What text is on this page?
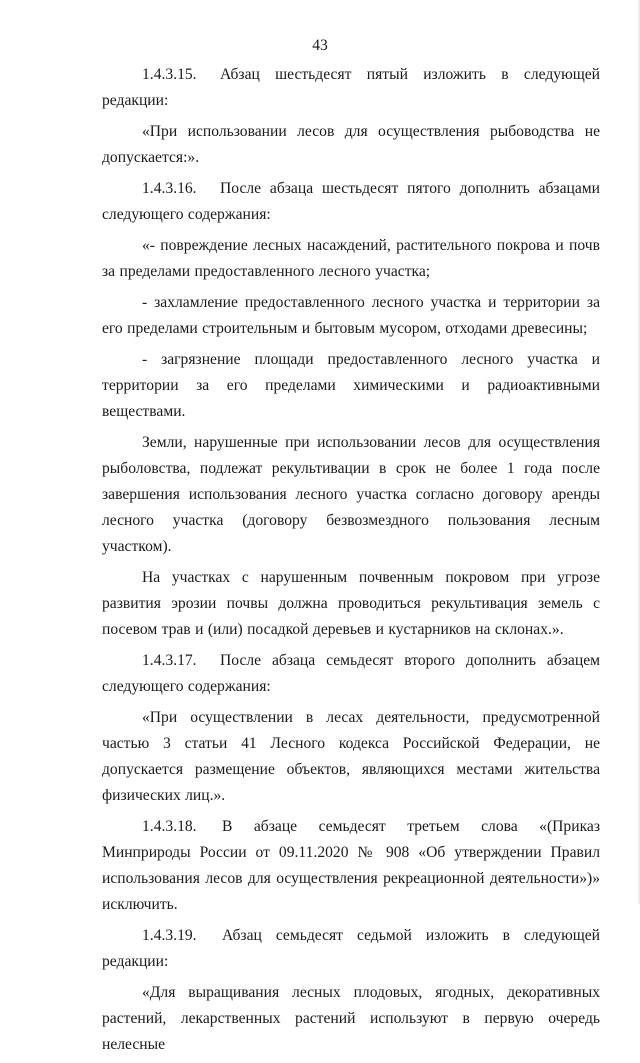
43

1.4.3.15. Абзац шестьдесят пятый изложить в следующей редакции:

«При использовании лесов для осуществления рыбоводства не допускается:».

1.4.3.16. После абзаца шестьдесят пятого дополнить абзацами следующего содержания:

«- повреждение лесных насаждений, растительного покрова и почв за пределами предоставленного лесного участка;

- захламление предоставленного лесного участка и территории за его пределами строительным и бытовым мусором, отходами древесины;

- загрязнение площади предоставленного лесного участка и территории за его пределами химическими и радиоактивными веществами.

Земли, нарушенные при использовании лесов для осуществления рыболовства, подлежат рекультивации в срок не более 1 года после завершения использования лесного участка согласно договору аренды лесного участка (договору безвозмездного пользования лесным участком).

На участках с нарушенным почвенным покровом при угрозе развития эрозии почвы должна проводиться рекультивация земель с посевом трав и (или) посадкой деревьев и кустарников на склонах.».

1.4.3.17. После абзаца семьдесят второго дополнить абзацем следующего содержания:

«При осуществлении в лесах деятельности, предусмотренной частью 3 статьи 41 Лесного кодекса Российской Федерации, не допускается размещение объектов, являющихся местами жительства физических лиц.».

1.4.3.18. В абзаце семьдесят третьем слова «(Приказ Минприроды России от 09.11.2020 № 908 «Об утверждении Правил использования лесов для осуществления рекреационной деятельности»)» исключить.

1.4.3.19. Абзац семьдесят седьмой изложить в следующей редакции:

«Для выращивания лесных плодовых, ягодных, декоративных растений, лекарственных растений используют в первую очередь нелесные
